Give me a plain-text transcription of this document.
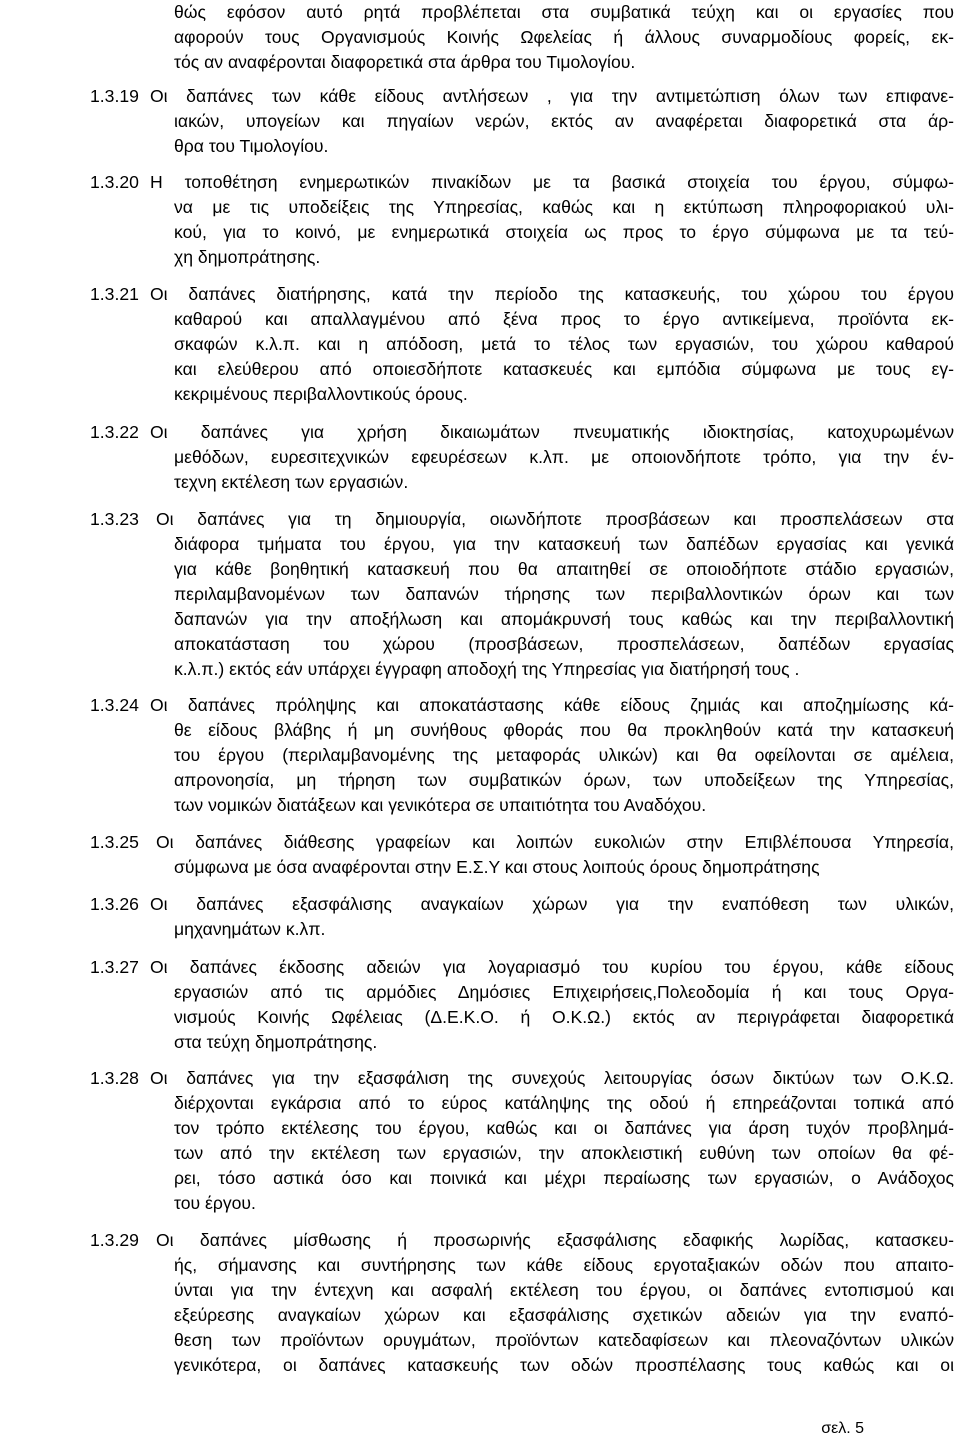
θώς εφόσον αυτό ρητά προβλέπεται στα συμβατικά τεύχη και οι εργασίες που
αφορούν τους Οργανισμούς Κοινής Ωφελείας ή άλλους συναρμοδίους φορείς, εκ-
τός αν αναφέρονται διαφορετικά στα άρθρα του Τιμολογίου.
1.3.19 Οι δαπάνες των κάθε είδους αντλήσεων , για την αντιμετώπιση όλων των επιφανε-
ιακών, υπογείων και πηγαίων νερών, εκτός αν αναφέρεται διαφορετικά στα άρ-
θρα του Τιμολογίου.
1.3.20 Η τοποθέτηση ενημερωτικών πινακίδων με τα βασικά στοιχεία του έργου, σύμφω-
να με τις υποδείξεις της Υπηρεσίας, καθώς και η εκτύπωση πληροφοριακού υλι-
κού, για το κοινό, με ενημερωτικά στοιχεία ως προς το έργο σύμφωνα με τα τεύ-
χη δημοπράτησης.
1.3.21 Οι δαπάνες διατήρησης, κατά την περίοδο της κατασκευής, του χώρου του έργου
καθαρού και απαλλαγμένου από ξένα προς το έργο αντικείμενα, προϊόντα εκ-
σκαφών κ.λ.π. και η απόδοση, μετά το τέλος των εργασιών, του χώρου καθαρού
και ελεύθερου από οποιεσδήποτε κατασκευές και εμπόδια σύμφωνα με τους εγ-
κεκριμένους περιβαλλοντικούς όρους.
1.3.22 Οι δαπάνες για χρήση δικαιωμάτων πνευματικής ιδιοκτησίας, κατοχυρωμένων
μεθόδων, ευρεσιτεχνικών εφευρέσεων κ.λπ. με οποιονδήποτε τρόπο, για την έν-
τεχνη εκτέλεση των εργασιών.
1.3.23 Οι δαπάνες για τη δημιουργία, οιωνδήποτε προσβάσεων και προσπελάσεων στα
διάφορα τμήματα του έργου, για την κατασκευή των δαπέδων εργασίας και γενικά
για κάθε βοηθητική κατασκευή που θα απαιτηθεί σε οποιοδήποτε στάδιο εργασιών,
περιλαμβανομένων των δαπανών τήρησης των περιβαλλοντικών όρων και των
δαπανών για την αποξήλωση και απομάκρυνσή τους καθώς και την περιβαλλοντική
αποκατάσταση του χώρου (προσβάσεων, προσπελάσεων, δαπέδων εργασίας
κ.λ.π.) εκτός εάν υπάρχει έγγραφη αποδοχή της Υπηρεσίας για διατήρησή τους .
1.3.24 Οι δαπάνες πρόληψης και αποκατάστασης κάθε είδους ζημιάς και αποζημίωσης κά-
θε είδους βλάβης ή μη συνήθους φθοράς που θα προκληθούν κατά την κατασκευή
του έργου (περιλαμβανομένης της μεταφοράς υλικών) και θα οφείλονται σε αμέλεια,
απρονοησία, μη τήρηση των συμβατικών όρων, των υποδείξεων της Υπηρεσίας,
των νομικών διατάξεων και γενικότερα σε υπαιτιότητα του Αναδόχου.
1.3.25 Οι δαπάνες διάθεσης γραφείων και λοιπών ευκολιών στην Επιβλέπουσα Υπηρεσία,
σύμφωνα με όσα αναφέρονται στην Ε.Σ.Υ και στους λοιπούς όρους δημοπράτησης
1.3.26 Οι δαπάνες εξασφάλισης αναγκαίων χώρων για την εναπόθεση των υλικών,
μηχανημάτων κ.λπ.
1.3.27 Οι δαπάνες έκδοσης αδειών για λογαριασμό του κυρίου του έργου, κάθε είδους
εργασιών από τις αρμόδιες Δημόσιες Επιχειρήσεις,Πολεοδομία ή και τους Οργα-
νισμούς Κοινής Ωφέλειας (Δ.Ε.Κ.Ο. ή Ο.Κ.Ω.) εκτός αν περιγράφεται διαφορετικά
στα τεύχη δημοπράτησης.
1.3.28 Οι δαπάνες για την εξασφάλιση της συνεχούς λειτουργίας όσων δικτύων των Ο.Κ.Ω.
διέρχονται εγκάρσια από το εύρος κατάληψης της οδού ή επηρεάζονται τοπικά από
τον τρόπο εκτέλεσης του έργου, καθώς και οι δαπάνες για άρση τυχόν προβλημά-
των από την εκτέλεση των εργασιών, την αποκλειστική ευθύνη των οποίων θα φέ-
ρει, τόσο αστικά όσο και ποινικά και μέχρι περαίωσης των εργασιών, ο Ανάδοχος
του έργου.
1.3.29 Οι δαπάνες μίσθωσης ή προσωρινής εξασφάλισης εδαφικής λωρίδας, κατασκευ-
ής, σήμανσης και συντήρησης των κάθε είδους εργοταξιακών οδών που απαιτο-
ύνται για την έντεχνη και ασφαλή εκτέλεση του έργου, οι δαπάνες εντοπισμού και
εξεύρεσης αναγκαίων χώρων και εξασφάλισης σχετικών αδειών για την εναπό-
θεση των προϊόντων ορυγμάτων, προϊόντων κατεδαφίσεων και πλεοναζόντων υλικών
γενικότερα, οι δαπάνες κατασκευής των οδών προσπέλασης τους καθώς και οι
σελ. 5
